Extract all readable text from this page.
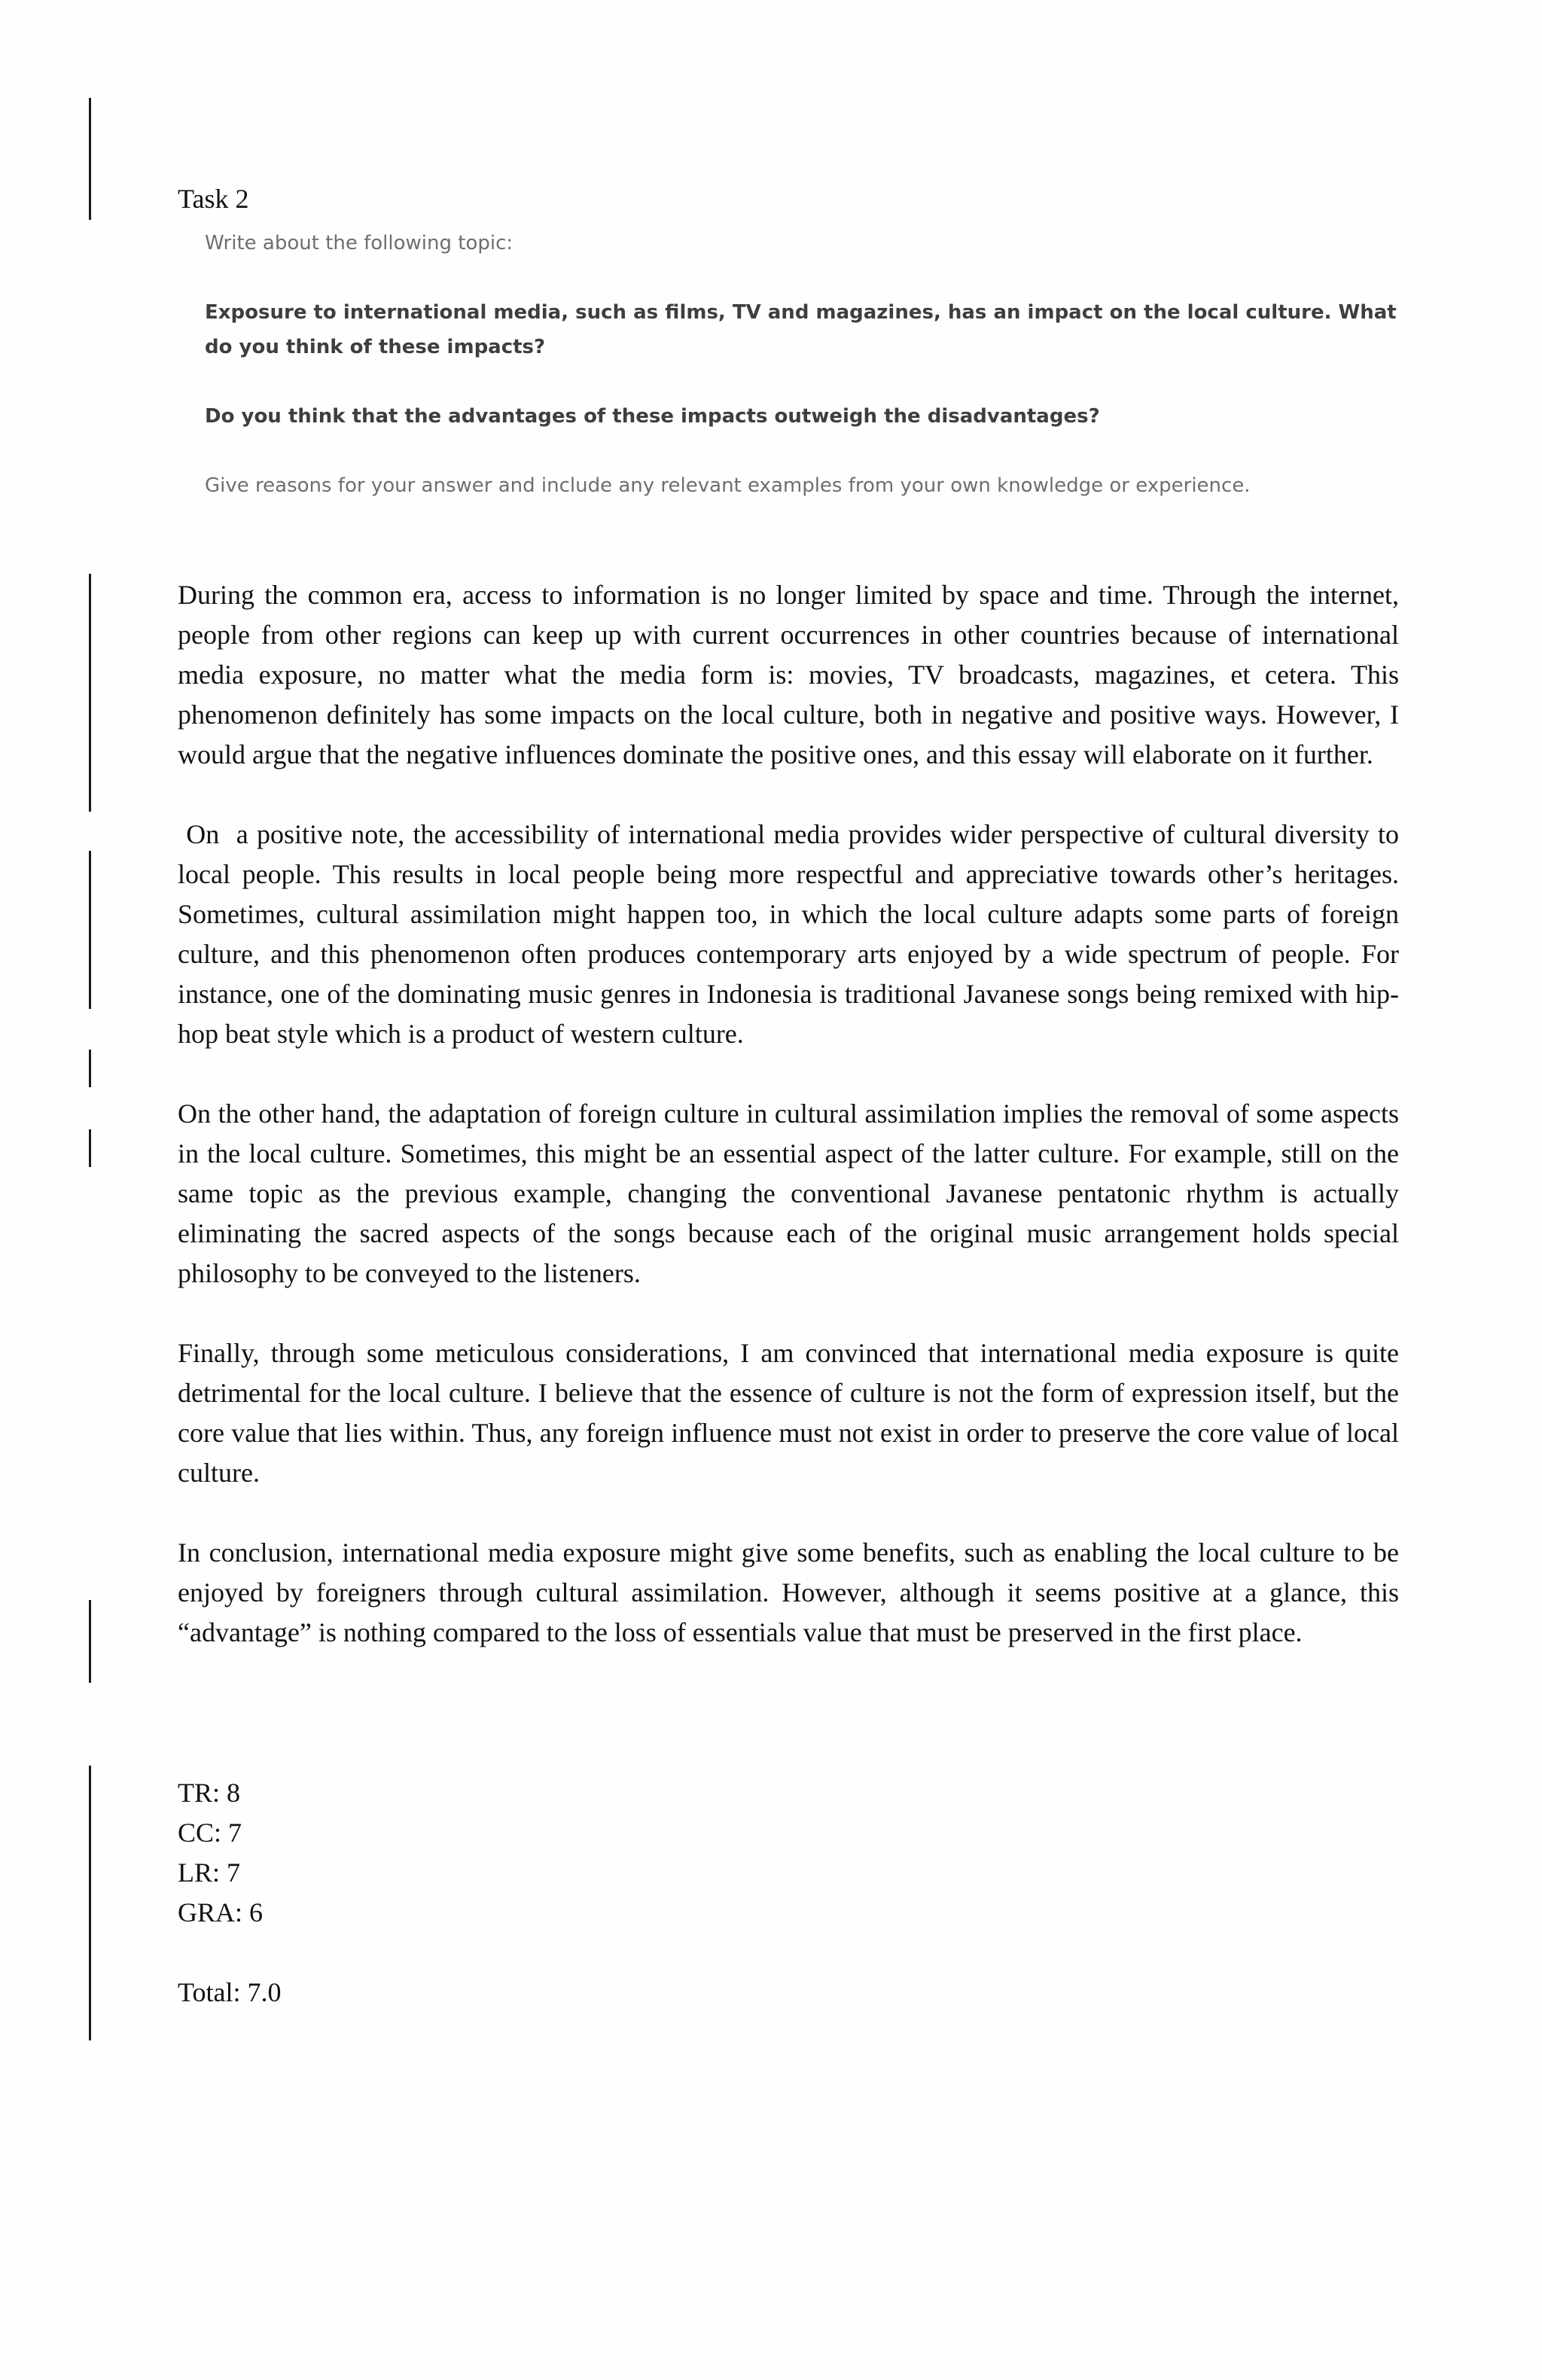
Task 2

Write about the following topic:

Exposure to international media, such as films, TV and magazines, has an impact on the local culture. What do you think of these impacts?

Do you think that the advantages of these impacts outweigh the disadvantages?

Give reasons for your answer and include any relevant examples from your own knowledge or experience.

During the common era, access to information is no longer limited by space and time. Through the internet, people from other regions can keep up with current occurrences in other countries because of international media exposure, no matter what the media form is: movies, TV broadcasts, magazines, et cetera. This phenomenon definitely has some impacts on the local culture, both in negative and positive ways. However, I would argue that the negative influences dominate the positive ones, and this essay will elaborate on it further.

On  a positive note, the accessibility of international media provides wider perspective of cultural diversity to local people. This results in local people being more respectful and appreciative towards other’s heritages. Sometimes, cultural assimilation might happen too, in which the local culture adapts some parts of foreign culture, and this phenomenon often produces contemporary arts enjoyed by a wide spectrum of people. For instance, one of the dominating music genres in Indonesia is traditional Javanese songs being remixed with hip-hop beat style which is a product of western culture.

On the other hand, the adaptation of foreign culture in cultural assimilation implies the removal of some aspects in the local culture. Sometimes, this might be an essential aspect of the latter culture. For example, still on the same topic as the previous example, changing the conventional Javanese pentatonic rhythm is actually eliminating the sacred aspects of the songs because each of the original music arrangement holds special philosophy to be conveyed to the listeners.

Finally, through some meticulous considerations, I am convinced that international media exposure is quite detrimental for the local culture. I believe that the essence of culture is not the form of expression itself, but the core value that lies within. Thus, any foreign influence must not exist in order to preserve the core value of local culture.

In conclusion, international media exposure might give some benefits, such as enabling the local culture to be enjoyed by foreigners through cultural assimilation. However, although it seems positive at a glance, this “advantage” is nothing compared to the loss of essentials value that must be preserved in the first place.

TR: 8
CC: 7
LR: 7
GRA: 6
Total: 7.0
